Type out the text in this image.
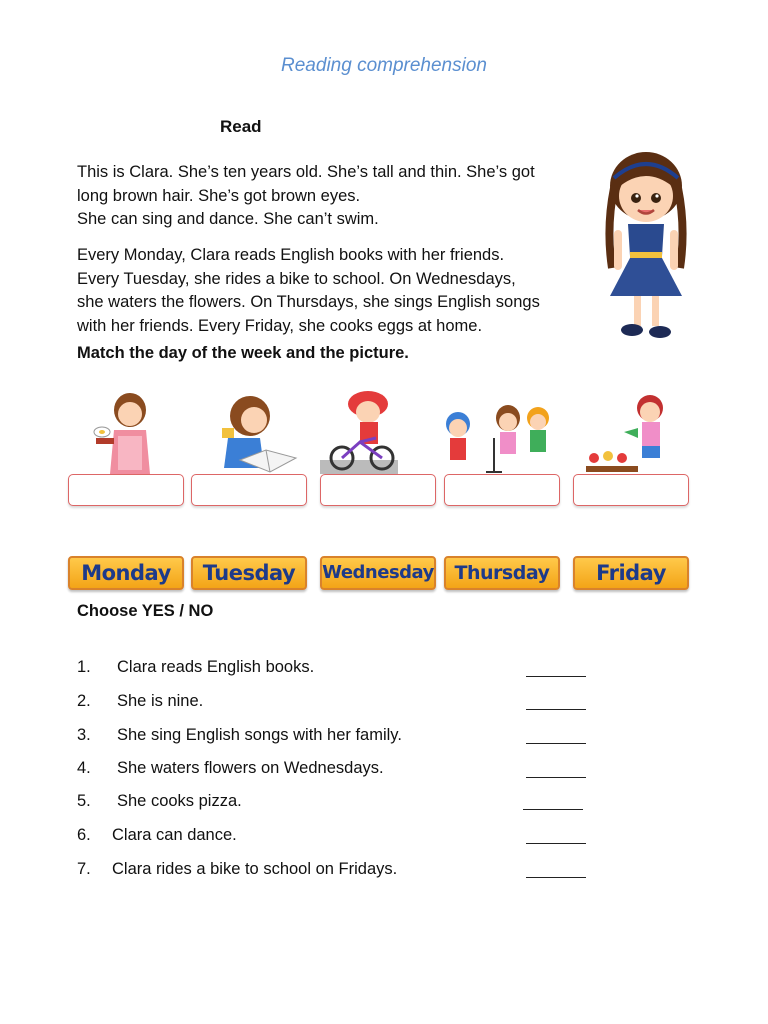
Reading comprehension
Read

This is Clara. She’s ten years old. She’s tall and thin. She’s got
long brown hair. She’s got brown eyes.
She can sing and dance. She can’t swim.

Every Monday, Clara reads English books with her friends.
Every Tuesday, she rides a bike to school. On Wednesdays,
she waters the flowers. On Thursdays, she sings English songs
with her friends. Every Friday, she cooks eggs at home.

Match the day of the week and the picture.
Monday	Tuesday	Wednesday	Thursday	Friday
Choose YES / NO
1. Clara reads English books.
2. She is nine.
3. She sing English songs with her family.
4. She waters flowers on Wednesdays.
5. She cooks pizza.
6. Clara can dance.
7. Clara rides a bike to school on Fridays.
